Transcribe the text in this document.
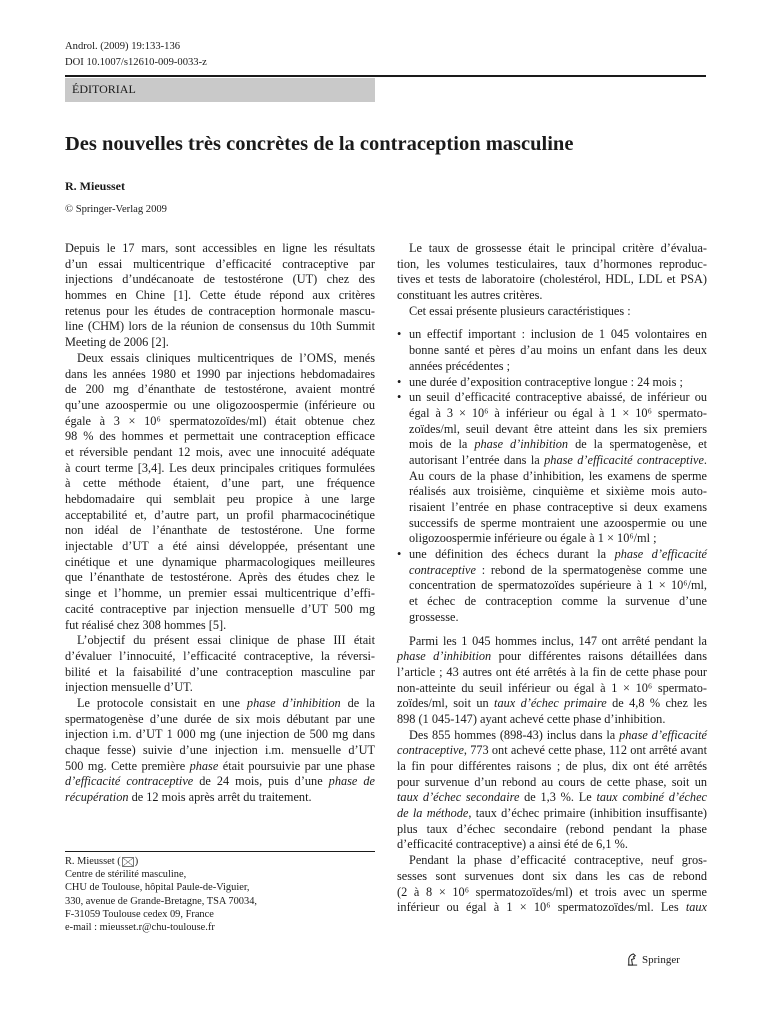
Androl. (2009) 19:133-136
DOI 10.1007/s12610-009-0033-z
ÉDITORIAL
Des nouvelles très concrètes de la contraception masculine
R. Mieusset
© Springer-Verlag 2009
Depuis le 17 mars, sont accessibles en ligne les résultats
d’un essai multicentrique d’efficacité contraceptive par
injections d’undécanoate de testostérone (UT) chez des
hommes en Chine [1]. Cette étude répond aux critères
retenus pour les études de contraception hormonale mascu-
line (CHM) lors de la réunion de consensus du 10th Summit
Meeting de 2006 [2].
Deux essais cliniques multicentriques de l’OMS, menés
dans les années 1980 et 1990 par injections hebdomadaires
de 200 mg d’énanthate de testostérone, avaient montré
qu’une azoospermie ou une oligozoospermie (inférieure ou
égale à 3 × 10⁶ spermatozoïdes/ml) était obtenue chez
98 % des hommes et permettait une contraception efficace
et réversible pendant 12 mois, avec une innocuité adéquate
à court terme [3,4]. Les deux principales critiques formulées
à cette méthode étaient, d’une part, une fréquence
hebdomadaire qui semblait peu propice à une large
acceptabilité et, d’autre part, un profil pharmacocinétique
non idéal de l’énanthate de testostérone. Une forme
injectable d’UT a été ainsi développée, présentant une
cinétique et une dynamique pharmacologiques meilleures
que l’énanthate de testostérone. Après des études chez le
singe et l’homme, un premier essai multicentrique d’effi-
cacité contraceptive par injection mensuelle d’UT 500 mg
fut réalisé chez 308 hommes [5].
L’objectif du présent essai clinique de phase III était
d’évaluer l’innocuité, l’efficacité contraceptive, la réversi-
bilité et la faisabilité d’une contraception masculine par
injection mensuelle d’UT.
Le protocole consistait en une phase d’inhibition de la
spermatogenèse d’une durée de six mois débutant par une
injection i.m. d’UT 1 000 mg (une injection de 500 mg dans
chaque fesse) suivie d’une injection i.m. mensuelle d’UT
500 mg. Cette première phase était poursuivie par une phase
d’efficacité contraceptive de 24 mois, puis d’une phase de
récupération de 12 mois après arrêt du traitement.
Le taux de grossesse était le principal critère d’évalua-
tion, les volumes testiculaires, taux d’hormones reproduc-
tives et tests de laboratoire (cholestérol, HDL, LDL et PSA)
constituant les autres critères.
Cet essai présente plusieurs caractéristiques :
• un effectif important : inclusion de 1 045 volontaires en
bonne santé et pères d’au moins un enfant dans les deux
années précédentes ;
• une durée d’exposition contraceptive longue : 24 mois ;
• un seuil d’efficacité contraceptive abaissé, de inférieur ou
égal à 3 × 10⁶ à inférieur ou égal à 1 × 10⁶ spermato-
zoïdes/ml, seuil devant être atteint dans les six premiers
mois de la phase d’inhibition de la spermatogenèse, et
autorisant l’entrée dans la phase d’efficacité contraceptive.
Au cours de la phase d’inhibition, les examens de sperme
réalisés aux troisième, cinquième et sixième mois auto-
risaient l’entrée en phase contraceptive si deux examens
successifs de sperme montraient une azoospermie ou une
oligozoospermie inférieure ou égale à 1 × 10⁶/ml ;
• une définition des échecs durant la phase d’efficacité
contraceptive : rebond de la spermatogenèse comme une
concentration de spermatozoïdes supérieure à 1 × 10⁶/ml,
et échec de contraception comme la survenue d’une
grossesse.
Parmi les 1 045 hommes inclus, 147 ont arrêté pendant la
phase d’inhibition pour différentes raisons détaillées dans
l’article ; 43 autres ont été arrêtés à la fin de cette phase pour
non-atteinte du seuil inférieur ou égal à 1 × 10⁶ spermato-
zoïdes/ml, soit un taux d’échec primaire de 4,8 % chez les
898 (1 045-147) ayant achevé cette phase d’inhibition.
Des 855 hommes (898-43) inclus dans la phase d’efficacité
contraceptive, 773 ont achevé cette phase, 112 ont arrêté avant
la fin pour différentes raisons ; de plus, dix ont été arrêtés
pour survenue d’un rebond au cours de cette phase, soit un
taux d’échec secondaire de 1,3 %. Le taux combiné d’échec
de la méthode, taux d’échec primaire (inhibition insuffisante)
plus taux d’échec secondaire (rebond pendant la phase
d’efficacité contraceptive) a ainsi été de 6,1 %.
Pendant la phase d’efficacité contraceptive, neuf gros-
sesses sont survenues dont six dans les cas de rebond
(2 à 8 × 10⁶ spermatozoïdes/ml) et trois avec un sperme
inférieur ou égal à 1 × 10⁶ spermatozoïdes/ml. Les taux
R. Mieusset ( )
Centre de stérilité masculine,
CHU de Toulouse, hôpital Paule-de-Viguier,
330, avenue de Grande-Bretagne, TSA 70034,
F-31059 Toulouse cedex 09, France
e-mail : mieusset.r@chu-toulouse.fr
Springer
